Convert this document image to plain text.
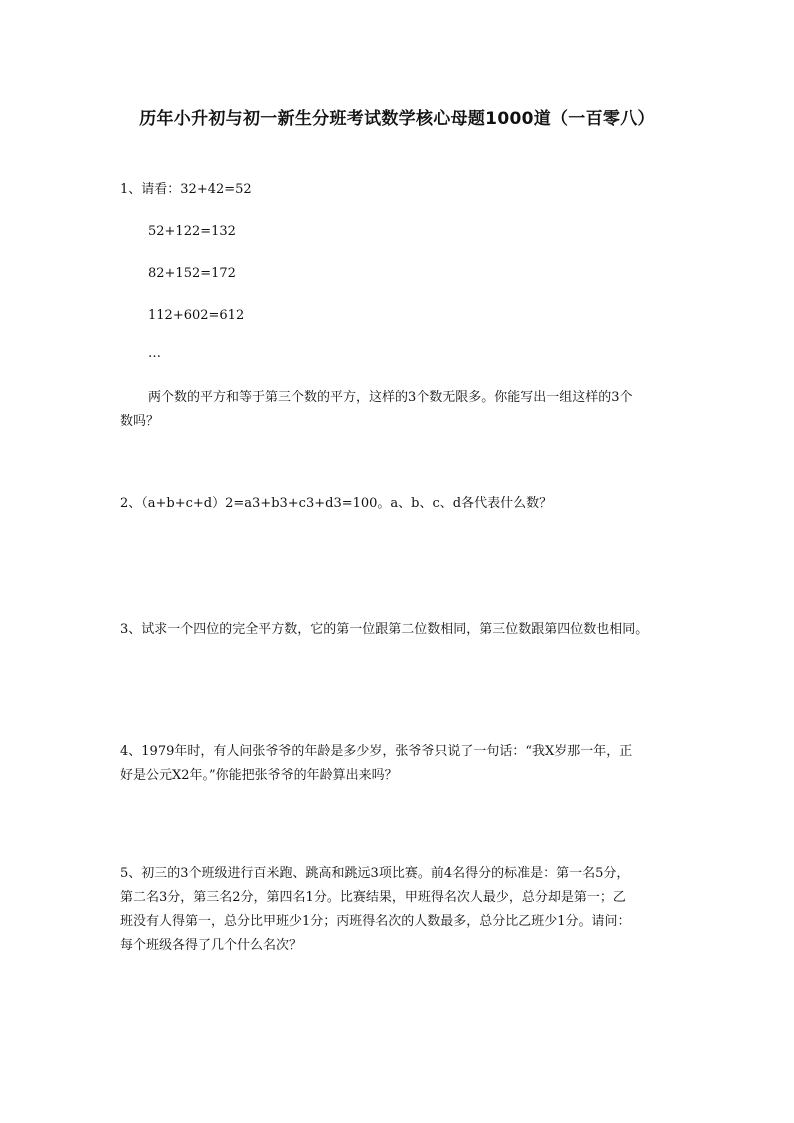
历年小升初与初一新生分班考试数学核心母题1000道（一百零八）
1、请看：32+42=52
52+122=132
82+152=172
112+602=612
…
两个数的平方和等于第三个数的平方，这样的3个数无限多。你能写出一组这样的3个
数吗？
2、（a+b+c+d）2=a3+b3+c3+d3=100。a、b、c、d各代表什么数？
3、试求一个四位的完全平方数，它的第一位跟第二位数相同，第三位数跟第四位数也相同。
4、1979年时，有人问张爷爷的年龄是多少岁，张爷爷只说了一句话：“我X岁那一年，正
好是公元X2年。”你能把张爷爷的年龄算出来吗？
5、初三的3个班级进行百米跑、跳高和跳远3项比赛。前4名得分的标准是：第一名5分，
第二名3分，第三名2分，第四名1分。比赛结果，甲班得名次人最少，总分却是第一；乙
班没有人得第一，总分比甲班少1分；丙班得名次的人数最多，总分比乙班少1分。请问：
每个班级各得了几个什么名次？
